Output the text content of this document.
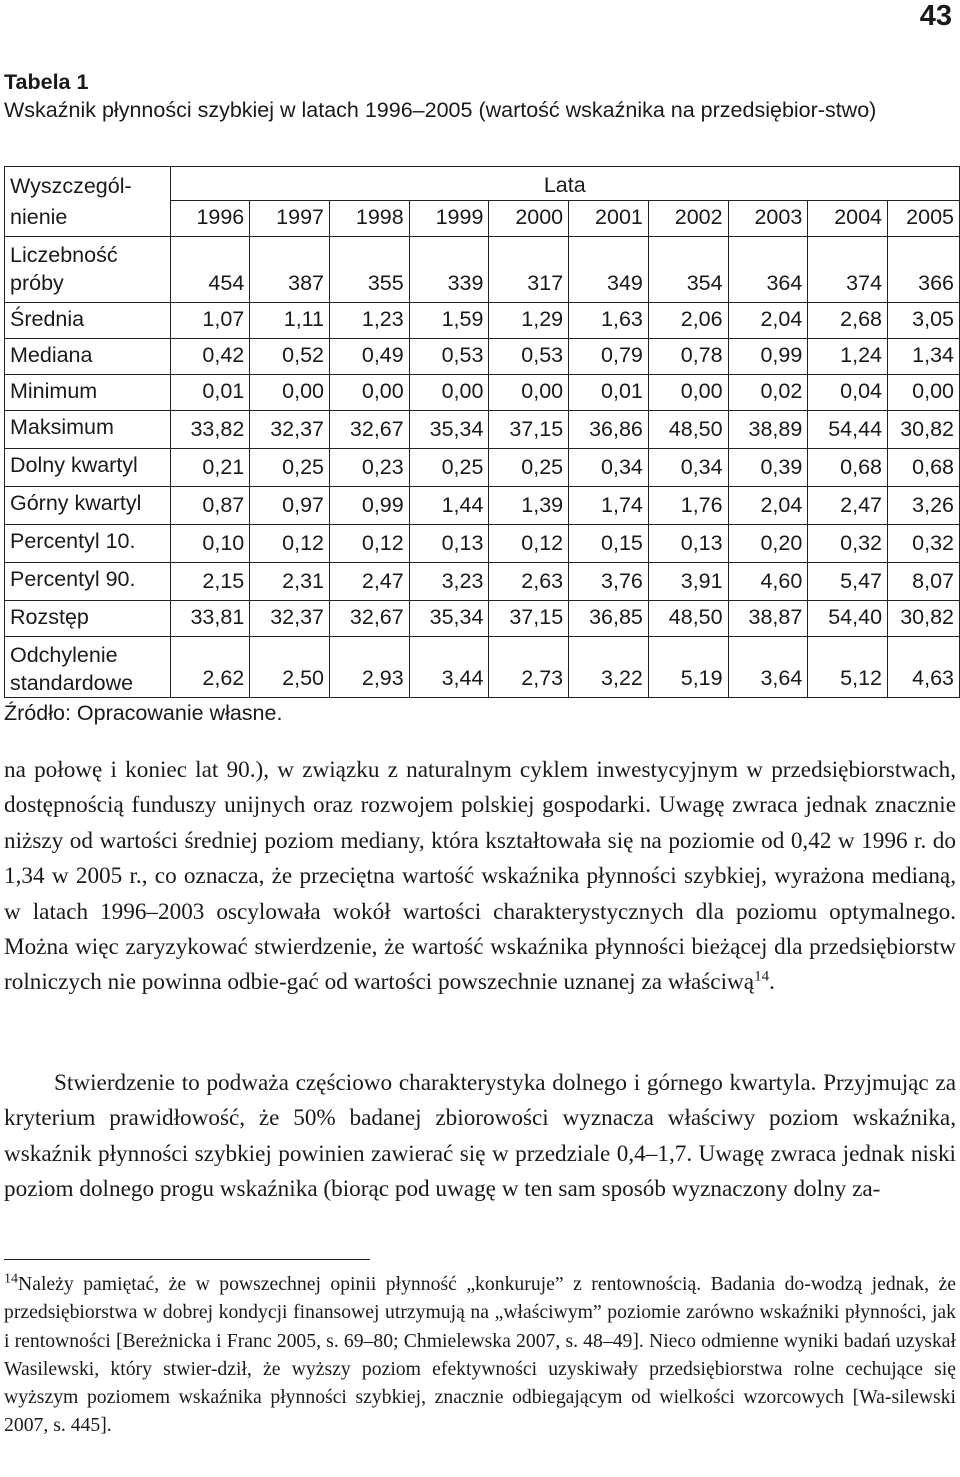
43
Tabela 1
Wskaźnik płynności szybkiej w latach 1996–2005 (wartość wskaźnika na przedsiębior-stwo)
Wyszczegól-nienie	Lata									
	1996	1997	1998	1999	2000	2001	2002	2003	2004	2005
Liczebność próby	454	387	355	339	317	349	354	364	374	366
Średnia	1,07	1,11	1,23	1,59	1,29	1,63	2,06	2,04	2,68	3,05
Mediana	0,42	0,52	0,49	0,53	0,53	0,79	0,78	0,99	1,24	1,34
Minimum	0,01	0,00	0,00	0,00	0,00	0,01	0,00	0,02	0,04	0,00
Maksimum	33,82	32,37	32,67	35,34	37,15	36,86	48,50	38,89	54,44	30,82
Dolny kwartyl	0,21	0,25	0,23	0,25	0,25	0,34	0,34	0,39	0,68	0,68
Górny kwartyl	0,87	0,97	0,99	1,44	1,39	1,74	1,76	2,04	2,47	3,26
Percentyl 10.	0,10	0,12	0,12	0,13	0,12	0,15	0,13	0,20	0,32	0,32
Percentyl 90.	2,15	2,31	2,47	3,23	2,63	3,76	3,91	4,60	5,47	8,07
Rozstęp	33,81	32,37	32,67	35,34	37,15	36,85	48,50	38,87	54,40	30,82
Odchylenie standardowe	2,62	2,50	2,93	3,44	2,73	3,22	5,19	3,64	5,12	4,63
Źródło: Opracowanie własne.
na połowę i koniec lat 90.), w związku z naturalnym cyklem inwestycyjnym w przedsiębiorstwach, dostępnością funduszy unijnych oraz rozwojem polskiej gospodarki. Uwagę zwraca jednak znacznie niższy od wartości średniej poziom mediany, która kształtowała się na poziomie od 0,42 w 1996 r. do 1,34 w 2005 r., co oznacza, że przeciętna wartość wskaźnika płynności szybkiej, wyrażona medianą, w latach 1996–2003 oscylowała wokół wartości charakterystycznych dla poziomu optymalnego. Można więc zaryzykować stwierdzenie, że wartość wskaźnika płynności bieżącej dla przedsiębiorstw rolniczych nie powinna odbie-gać od wartości powszechnie uznanej za właściwą$^{14}$.
Stwierdzenie to podważa częściowo charakterystyka dolnego i górnego kwartyla. Przyjmując za kryterium prawidłowość, że 50% badanej zbiorowości wyznacza właściwy poziom wskaźnika, wskaźnik płynności szybkiej powinien zawierać się w przedziale 0,4–1,7. Uwagę zwraca jednak niski poziom dolnego progu wskaźnika (biorąc pod uwagę w ten sam sposób wyznaczony dolny za-
$^{14}$Należy pamiętać, że w powszechnej opinii płynność „konkuruje” z rentownością. Badania do-wodzą jednak, że przedsiębiorstwa w dobrej kondycji finansowej utrzymują na „właściwym” poziomie zarówno wskaźniki płynności, jak i rentowności [Bereżnicka i Franc 2005, s. 69–80; Chmielewska 2007, s. 48–49]. Nieco odmienne wyniki badań uzyskał Wasilewski, który stwier-dził, że wyższy poziom efektywności uzyskiwały przedsiębiorstwa rolne cechujące się wyższym poziomem wskaźnika płynności szybkiej, znacznie odbiegającym od wielkości wzorcowych [Wa-silewski 2007, s. 445].
